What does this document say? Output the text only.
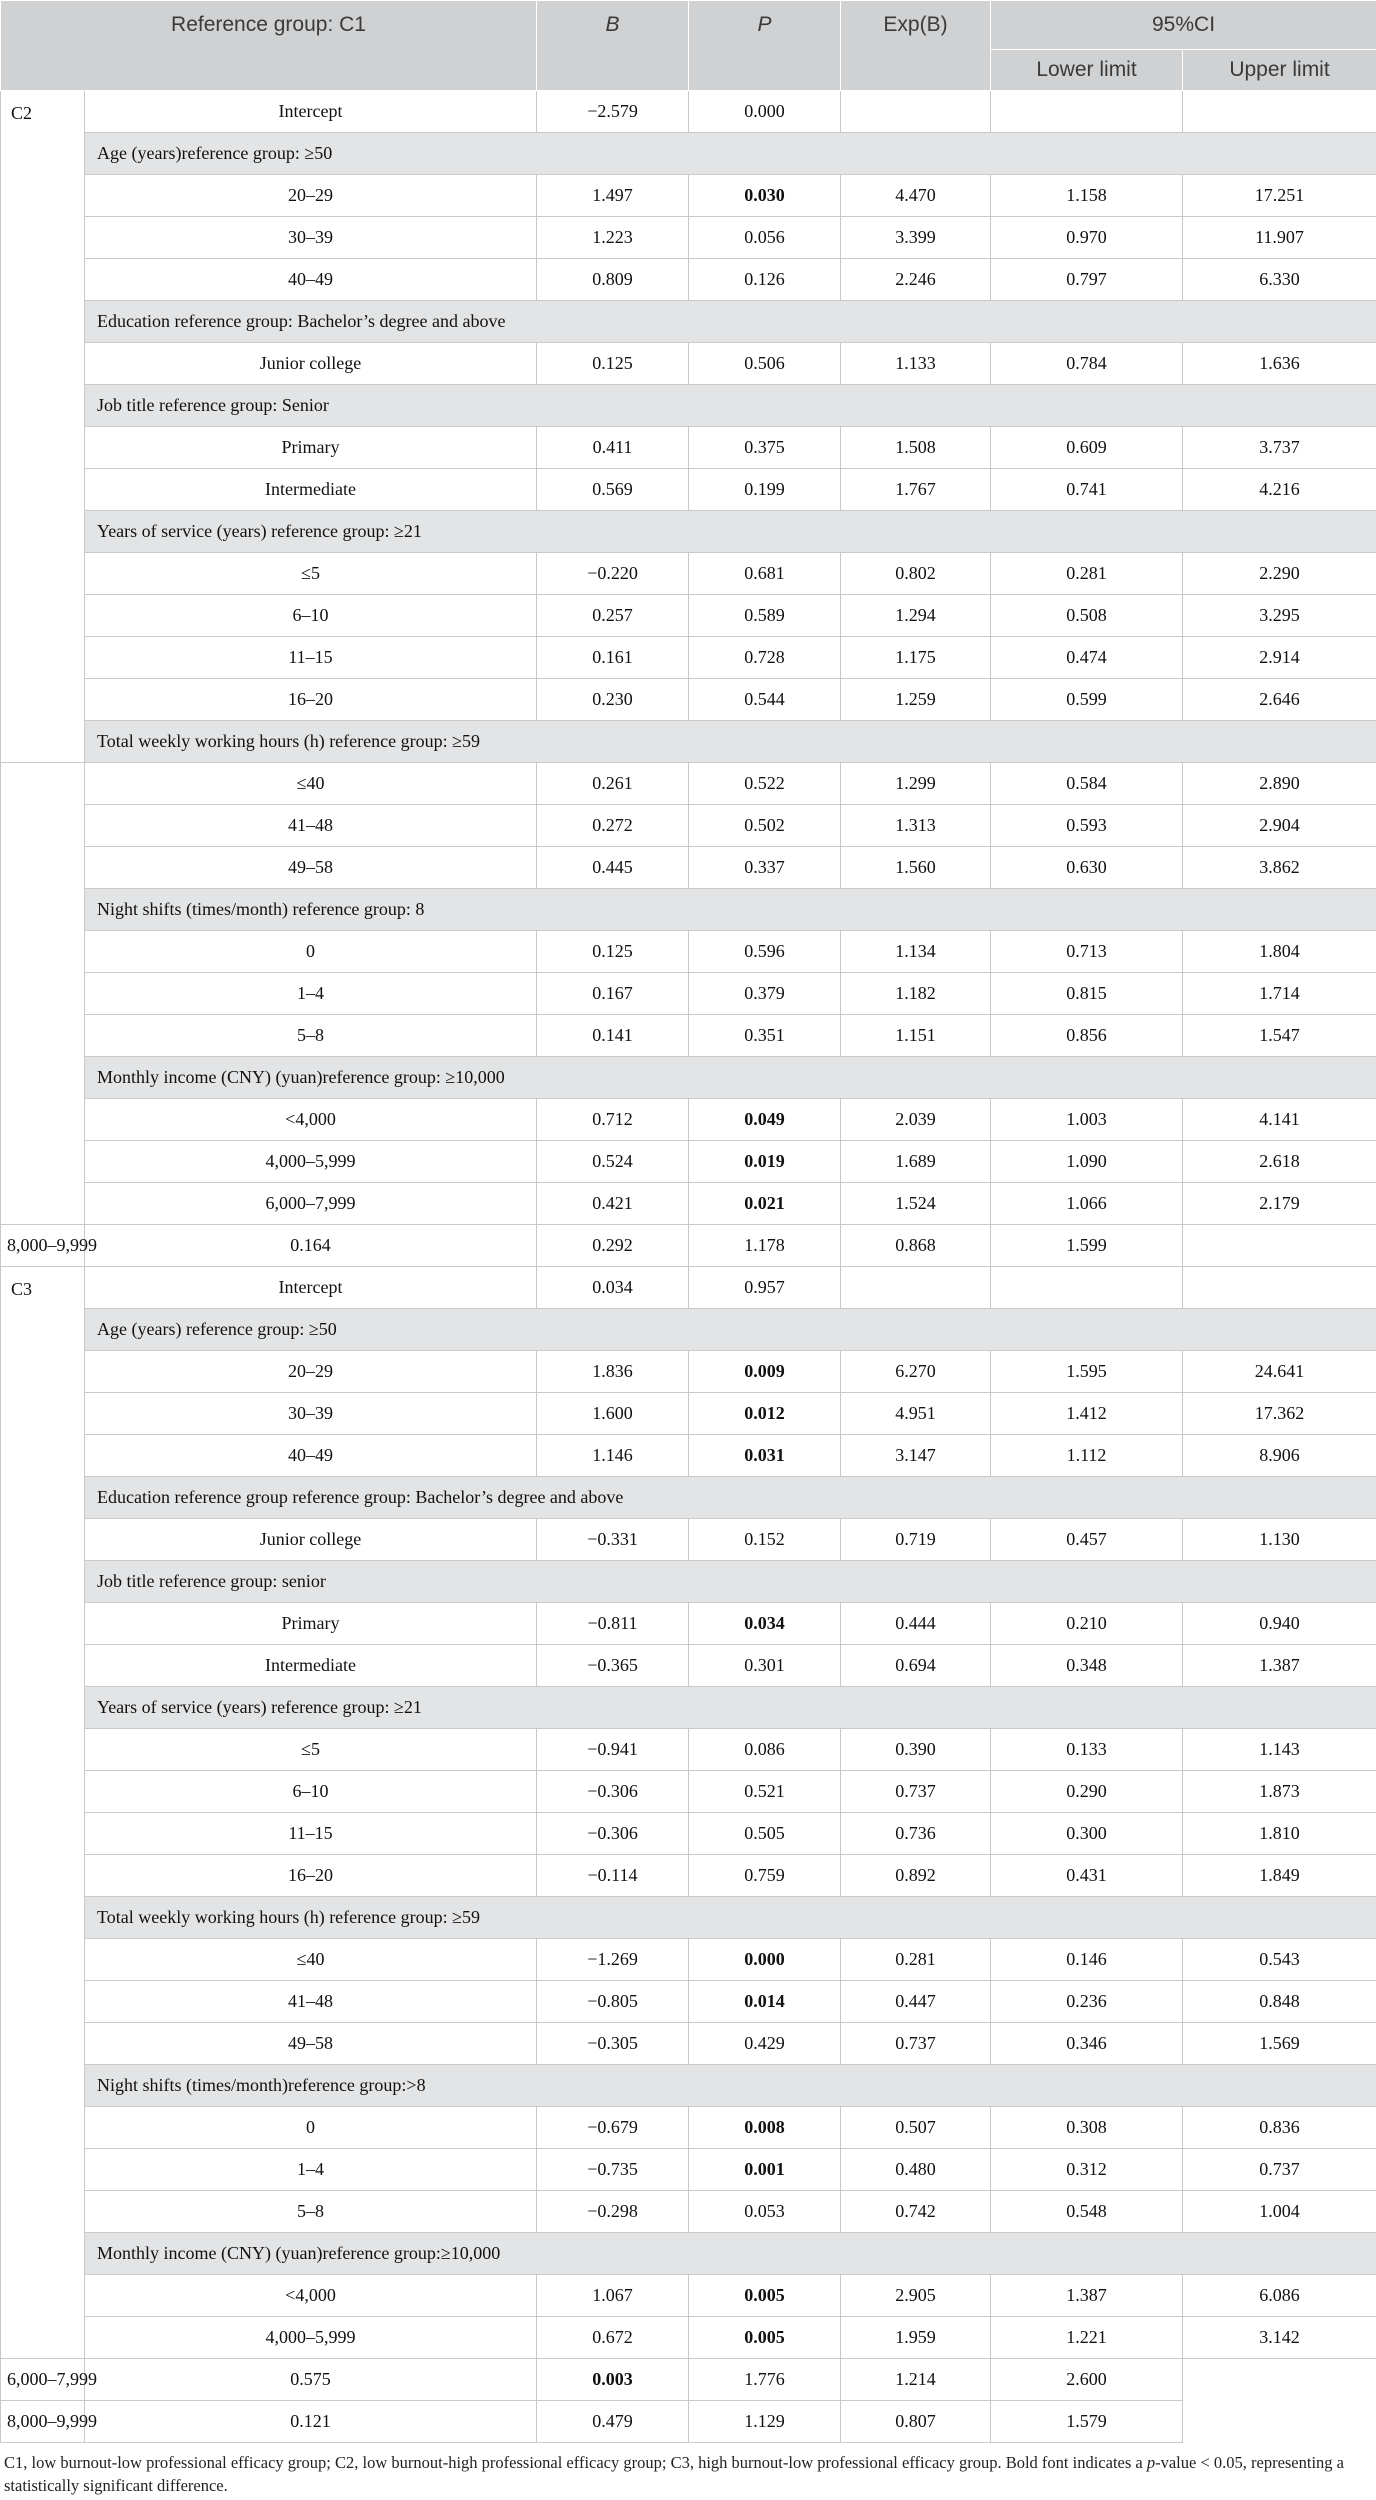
Reference group: C1		B	P	Exp(B)	95%CI	
					Lower limit	Upper limit
C2	Intercept	−2.579	0.000			
	Age (years)reference group: ≥50					
	20–29	1.497	0.030	4.470	1.158	17.251
	30–39	1.223	0.056	3.399	0.970	11.907
	40–49	0.809	0.126	2.246	0.797	6.330
	Education reference group: Bachelor’s degree and above					
	Junior college	0.125	0.506	1.133	0.784	1.636
	Job title reference group: Senior					
	Primary	0.411	0.375	1.508	0.609	3.737
	Intermediate	0.569	0.199	1.767	0.741	4.216
	Years of service (years) reference group: ≥21					
	≤5	−0.220	0.681	0.802	0.281	2.290
	6–10	0.257	0.589	1.294	0.508	3.295
	11–15	0.161	0.728	1.175	0.474	2.914
	16–20	0.230	0.544	1.259	0.599	2.646
	Total weekly working hours (h) reference group: ≥59					
	≤40	0.261	0.522	1.299	0.584	2.890
	41–48	0.272	0.502	1.313	0.593	2.904
	49–58	0.445	0.337	1.560	0.630	3.862
	Night shifts (times/month) reference group: 8					
	0	0.125	0.596	1.134	0.713	1.804
	1–4	0.167	0.379	1.182	0.815	1.714
	5–8	0.141	0.351	1.151	0.856	1.547
	Monthly income (CNY) (yuan)reference group: ≥10,000					
	<4,000	0.712	0.049	2.039	1.003	4.141
	4,000–5,999	0.524	0.019	1.689	1.090	2.618
	6,000–7,999	0.421	0.021	1.524	1.066	2.179
8,000–9,999	0.164	0.292	1.178	0.868	1.599	
C3	Intercept	0.034	0.957			
	Age (years) reference group: ≥50					
	20–29	1.836	0.009	6.270	1.595	24.641
	30–39	1.600	0.012	4.951	1.412	17.362
	40–49	1.146	0.031	3.147	1.112	8.906
	Education reference group reference group: Bachelor’s degree and above					
	Junior college	−0.331	0.152	0.719	0.457	1.130
	Job title reference group: senior					
	Primary	−0.811	0.034	0.444	0.210	0.940
	Intermediate	−0.365	0.301	0.694	0.348	1.387
	Years of service (years) reference group: ≥21					
	≤5	−0.941	0.086	0.390	0.133	1.143
	6–10	−0.306	0.521	0.737	0.290	1.873
	11–15	−0.306	0.505	0.736	0.300	1.810
	16–20	−0.114	0.759	0.892	0.431	1.849
	Total weekly working hours (h) reference group: ≥59					
	≤40	−1.269	0.000	0.281	0.146	0.543
	41–48	−0.805	0.014	0.447	0.236	0.848
	49–58	−0.305	0.429	0.737	0.346	1.569
	Night shifts (times/month)reference group:>8					
	0	−0.679	0.008	0.507	0.308	0.836
	1–4	−0.735	0.001	0.480	0.312	0.737
	5–8	−0.298	0.053	0.742	0.548	1.004
	Monthly income (CNY) (yuan)reference group:≥10,000					
	<4,000	1.067	0.005	2.905	1.387	6.086
	4,000–5,999	0.672	0.005	1.959	1.221	3.142
6,000–7,999	0.575	0.003	1.776	1.214	2.600	
8,000–9,999	0.121	0.479	1.129	0.807	1.579	

C1, low burnout-low professional efficacy group; C2, low burnout-high professional efficacy group; C3, high burnout-low professional efficacy group. Bold font indicates a p-value < 0.05, representing a statistically significant difference.
